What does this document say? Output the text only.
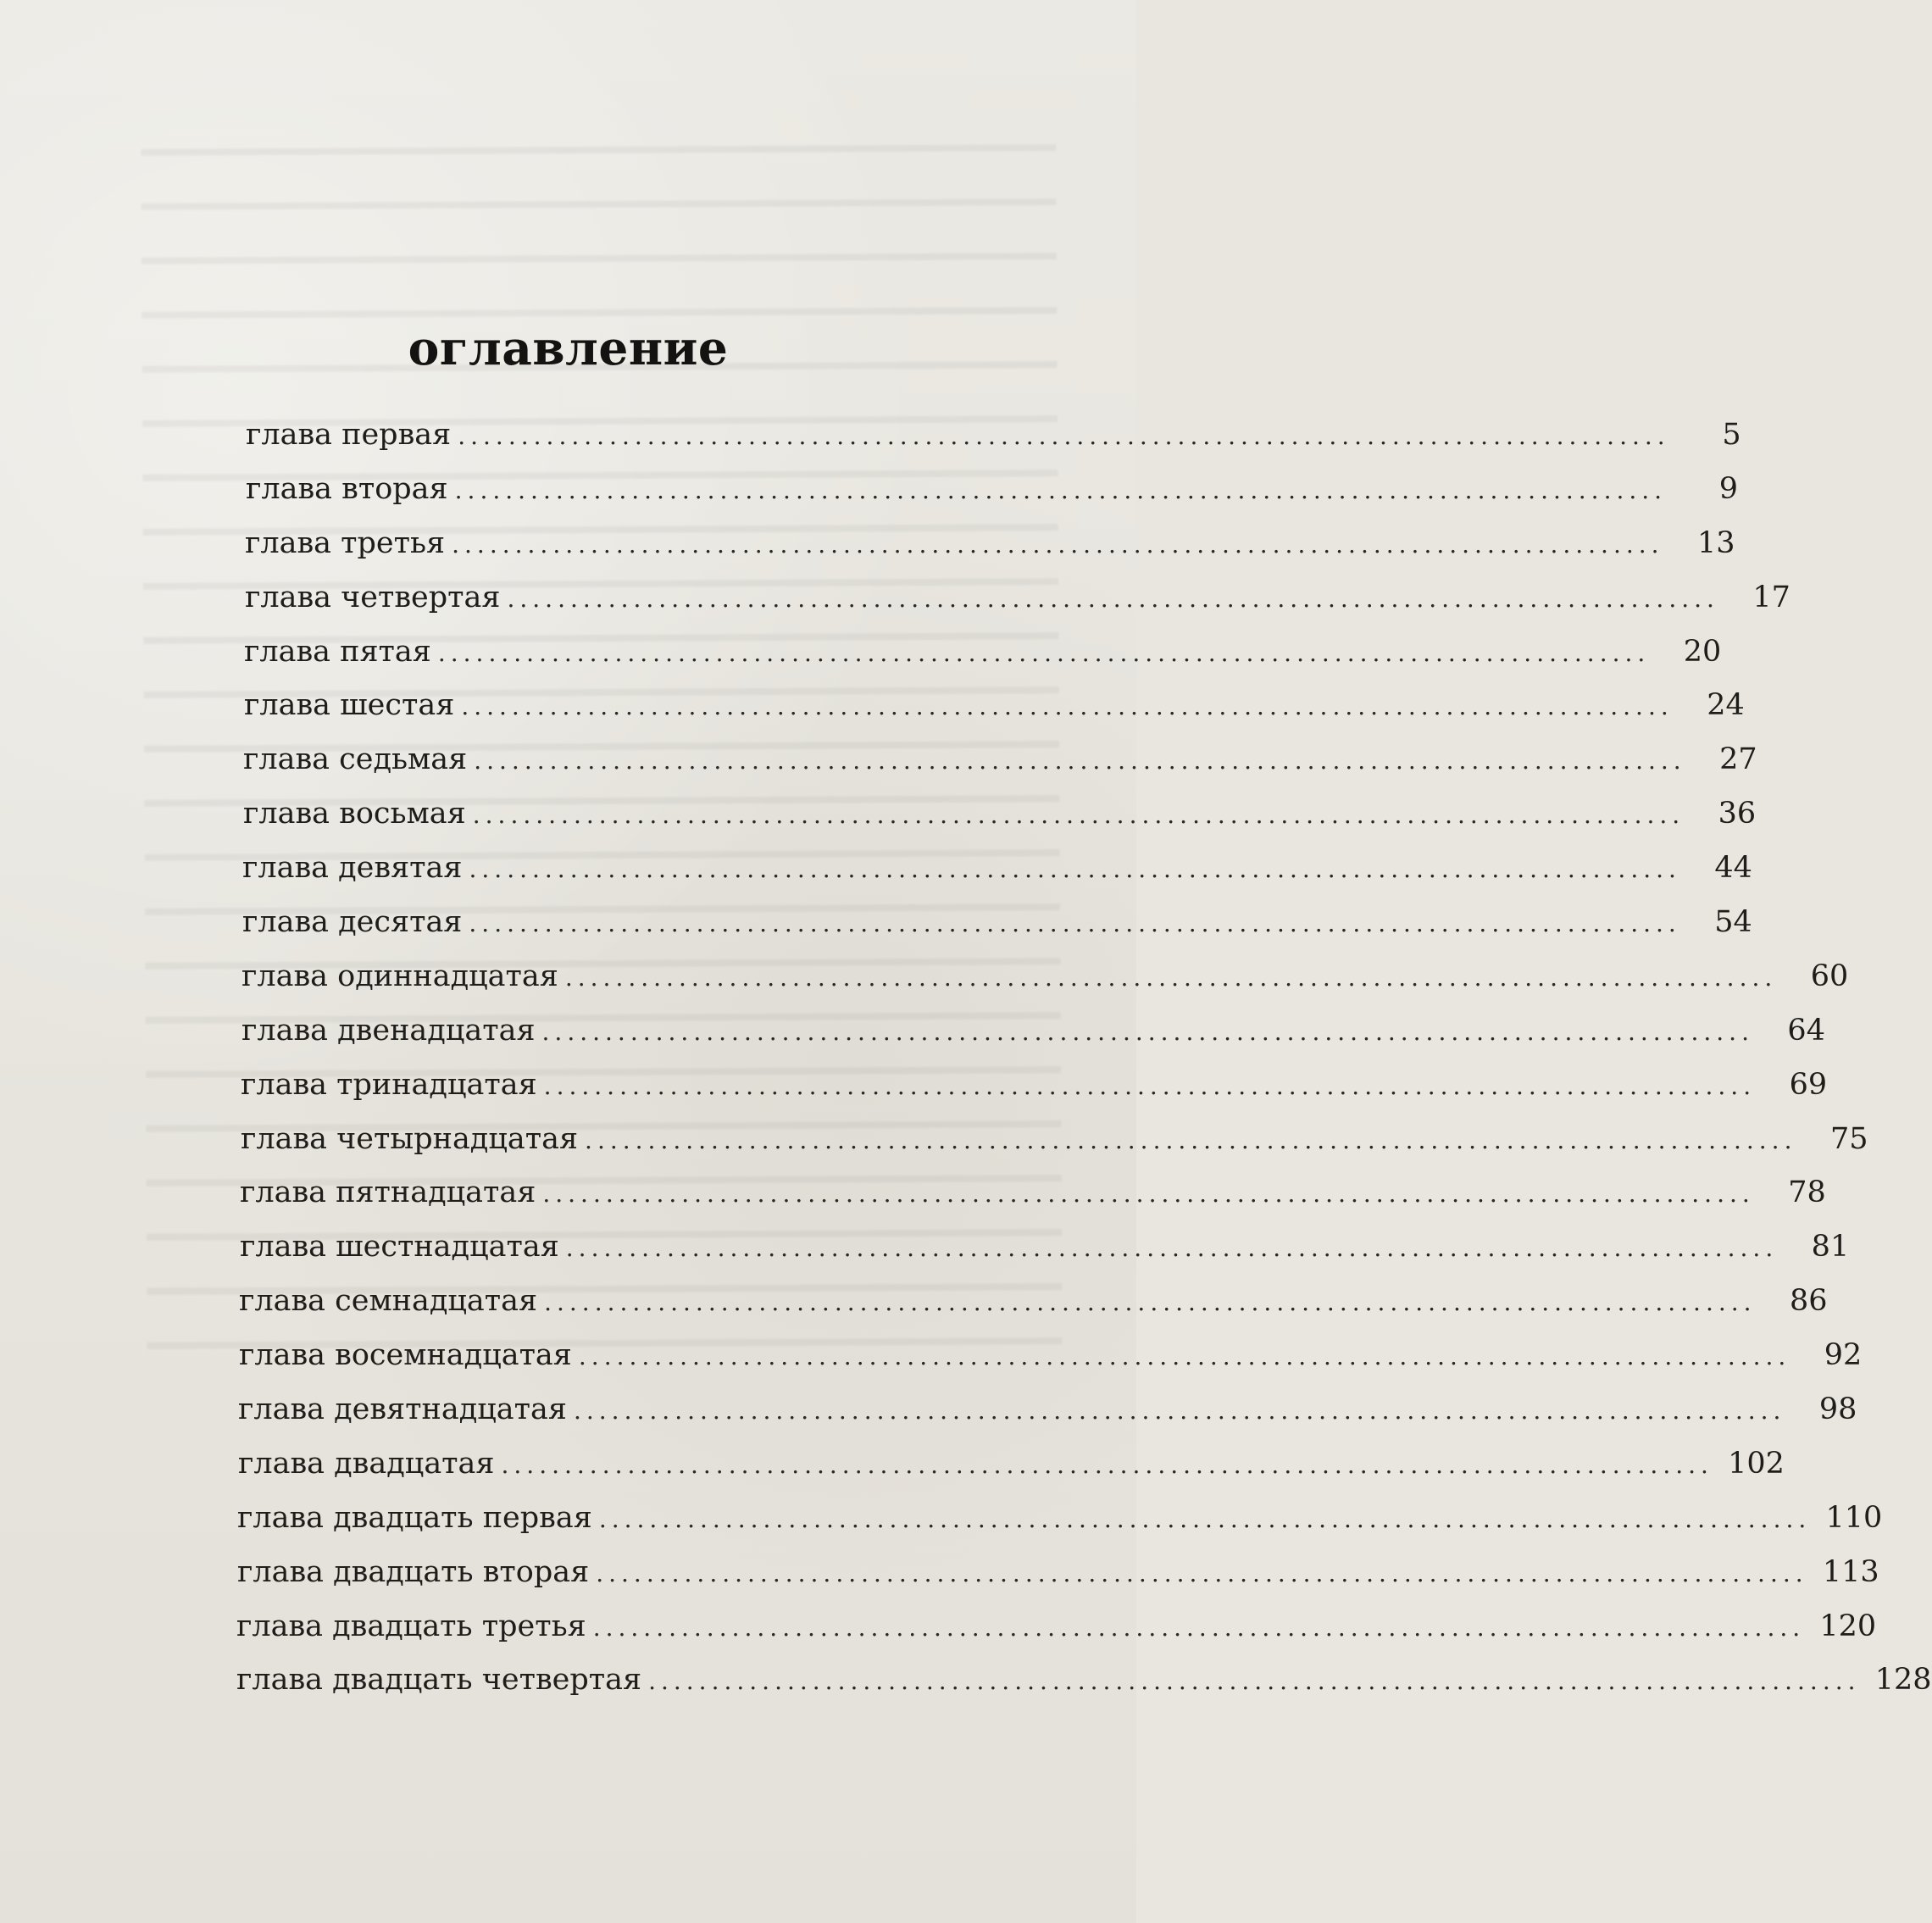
оглавление
глава первая ................................................................................................	5
глава вторая ................................................................................................	9
глава третья ................................................................................................	13
глава четвертая ................................................................................................	17
глава пятая ................................................................................................	20
глава шестая ................................................................................................	24
глава седьмая ................................................................................................	27
глава восьмая ................................................................................................	36
глава девятая ................................................................................................	44
глава десятая ................................................................................................	54
глава одиннадцатая ................................................................................................	60
глава двенадцатая ................................................................................................	64
глава тринадцатая ................................................................................................	69
глава четырнадцатая ................................................................................................	75
глава пятнадцатая ................................................................................................	78
глава шестнадцатая ................................................................................................	81
глава семнадцатая ................................................................................................	86
глава восемнадцатая ................................................................................................	92
глава девятнадцатая ................................................................................................	98
глава двадцатая ................................................................................................ 102
глава двадцать первая ................................................................................................ 110
глава двадцать вторая ................................................................................................ 113
глава двадцать третья ................................................................................................ 120
глава двадцать четвертая ................................................................................................ 128
